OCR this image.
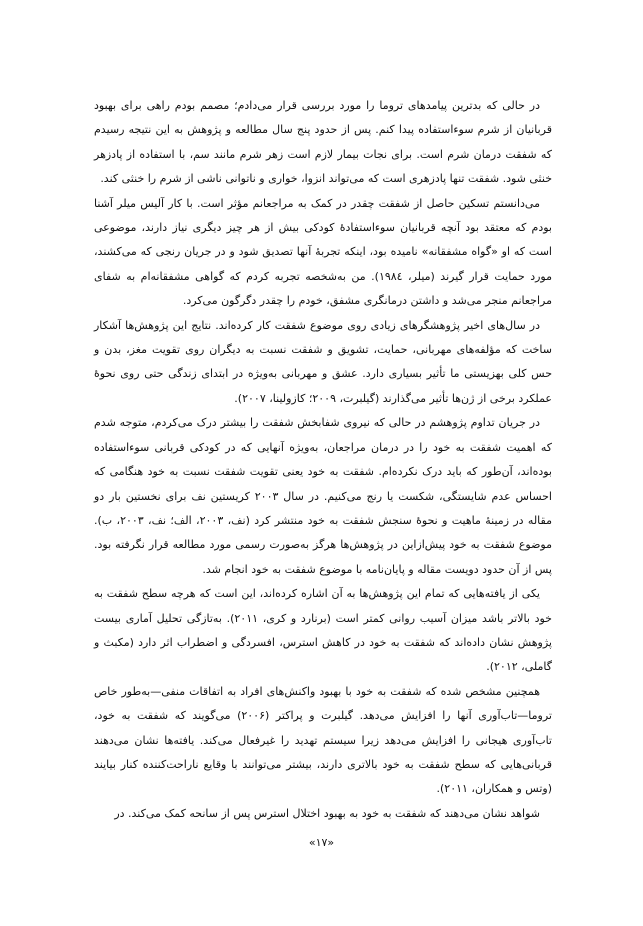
در حالی که بدترین پیامدهای تروما را مورد بررسی قرار می‌دادم؛ مصمم بودم راهی برای بهبود قربانیان از شرم سوءاستفاده پیدا کنم. پس از حدود پنج سال مطالعه و پژوهش به این نتیجه رسیدم که شفقت درمان شرم است. برای نجات بیمار لازم است زهر شرم مانند سم، با استفاده از پادزهر خنثی شود. شفقت تنها پادزهری است که می‌تواند انزوا، خواری و ناتوانی ناشی از شرم را خنثی کند.

می‌دانستم تسکین حاصل از شفقت چقدر در کمک به مراجعانم مؤثر است. با کار آلیس میلر آشنا بودم که معتقد بود آنچه قربانیان سوءاستفادهٔ کودکی بیش از هر چیز دیگری نیاز دارند، موضوعی است که او «گواه مشفقانه» نامیده بود، اینکه تجربهٔ آنها تصدیق شود و در جریان رنجی که می‌کشند، مورد حمایت قرار گیرند (میلر، ۱۹۸٤). من به‌شخصه تجربه کردم که گواهی مشفقانه‌ام به شفای مراجعانم منجر می‌شد و داشتن درمانگری مشفق، خودم را چقدر دگرگون می‌کرد.

در سال‌های اخیر پژوهشگرهای زیادی روی موضوع شفقت کار کرده‌اند. نتایج این پژوهش‌ها آشکار ساخت که مؤلفه‌های مهربانی، حمایت، تشویق و شفقت نسبت به دیگران روی تقویت مغز، بدن و حس کلی بهزیستی ما تأثیر بسیاری دارد. عشق و مهربانی به‌ویژه در ابتدای زندگی حتی روی نحوهٔ عملکرد برخی از ژن‌ها تأثیر می‌گذارند (گیلبرت، ۲۰۰۹؛ کازولینا، ۲۰۰۷).

در جریان تداوم پژوهشم در حالی که نیروی شفابخش شفقت را بیشتر درک می‌کردم، متوجه شدم که اهمیت شفقت به خود را در درمان مراجعان، به‌ویژه آنهایی که در کودکی قربانی سوءاستفاده بوده‌اند، آن‌طور که باید درک نکرده‌ام. شفقت به خود یعنی تقویت شفقت نسبت به خود هنگامی که احساس عدم شایستگی، شکست یا رنج می‌کنیم. در سال ۲۰۰۳ کریستین نف برای نخستین بار دو مقاله در زمینهٔ ماهیت و نحوهٔ سنجش شفقت به خود منتشر کرد (نف، ۲۰۰۳، الف؛ نف، ۲۰۰۳، ب). موضوع شفقت به خود پیش‌ازاین در پژوهش‌ها هرگز به‌صورت رسمی مورد مطالعه قرار نگرفته بود. پس از آن حدود دویست مقاله و پایان‌نامه با موضوع شفقت به خود انجام شد.

یکی از یافته‌هایی که تمام این پژوهش‌ها به آن اشاره کرده‌اند، این است که هرچه سطح شفقت به خود بالاتر باشد میزان آسیب روانی کمتر است (برنارد و کری، ۲۰۱۱). به‌تازگی تحلیل آماری بیست پژوهش نشان داده‌اند که شفقت به خود در کاهش استرس، افسردگی و اضطراب اثر دارد (مکبث و گاملی، ۲۰۱۲).

همچنین مشخص شده که شفقت به خود با بهبود واکنش‌های افراد به اتفاقات منفی—به‌طور خاص تروما—تاب‌آوری آنها را افزایش می‌دهد. گیلبرت و پراکتر (۲۰۰۶) می‌گویند که شفقت به خود، تاب‌آوری هیجانی را افزایش می‌دهد زیرا سیستم تهدید را غیرفعال می‌کند. یافته‌ها نشان می‌دهند قربانی‌هایی که سطح شفقت به خود بالاتری دارند، بیشتر می‌توانند با وقایع ناراحت‌کننده کنار بیایند (وتس و همکاران، ۲۰۱۱).

شواهد نشان می‌دهند که شفقت به خود به بهبود اختلال استرس پس از سانحه کمک می‌کند. در

«۱۷»
